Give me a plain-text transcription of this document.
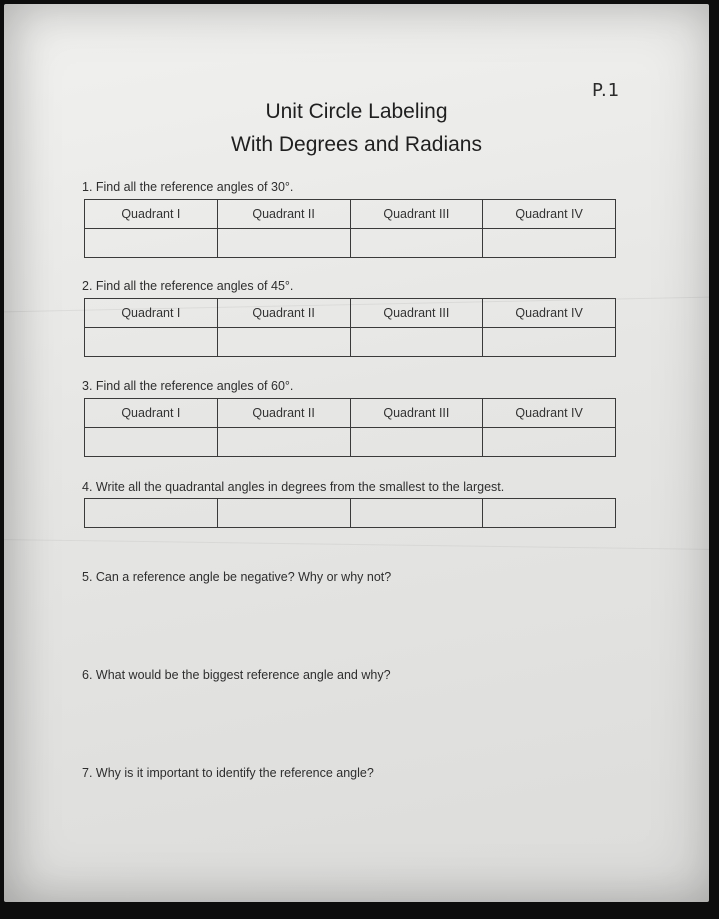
P.1
Unit Circle Labeling
With Degrees and Radians
1. Find all the reference angles of 30°.
Quadrant I	Quadrant II	Quadrant III	Quadrant IV

2. Find all the reference angles of 45°.
Quadrant I	Quadrant II	Quadrant III	Quadrant IV

3. Find all the reference angles of 60°.
Quadrant I	Quadrant II	Quadrant III	Quadrant IV

4. Write all the quadrantal angles in degrees from the smallest to the largest.

5. Can a reference angle be negative? Why or why not?
6. What would be the biggest reference angle and why?
7. Why is it important to identify the reference angle?
